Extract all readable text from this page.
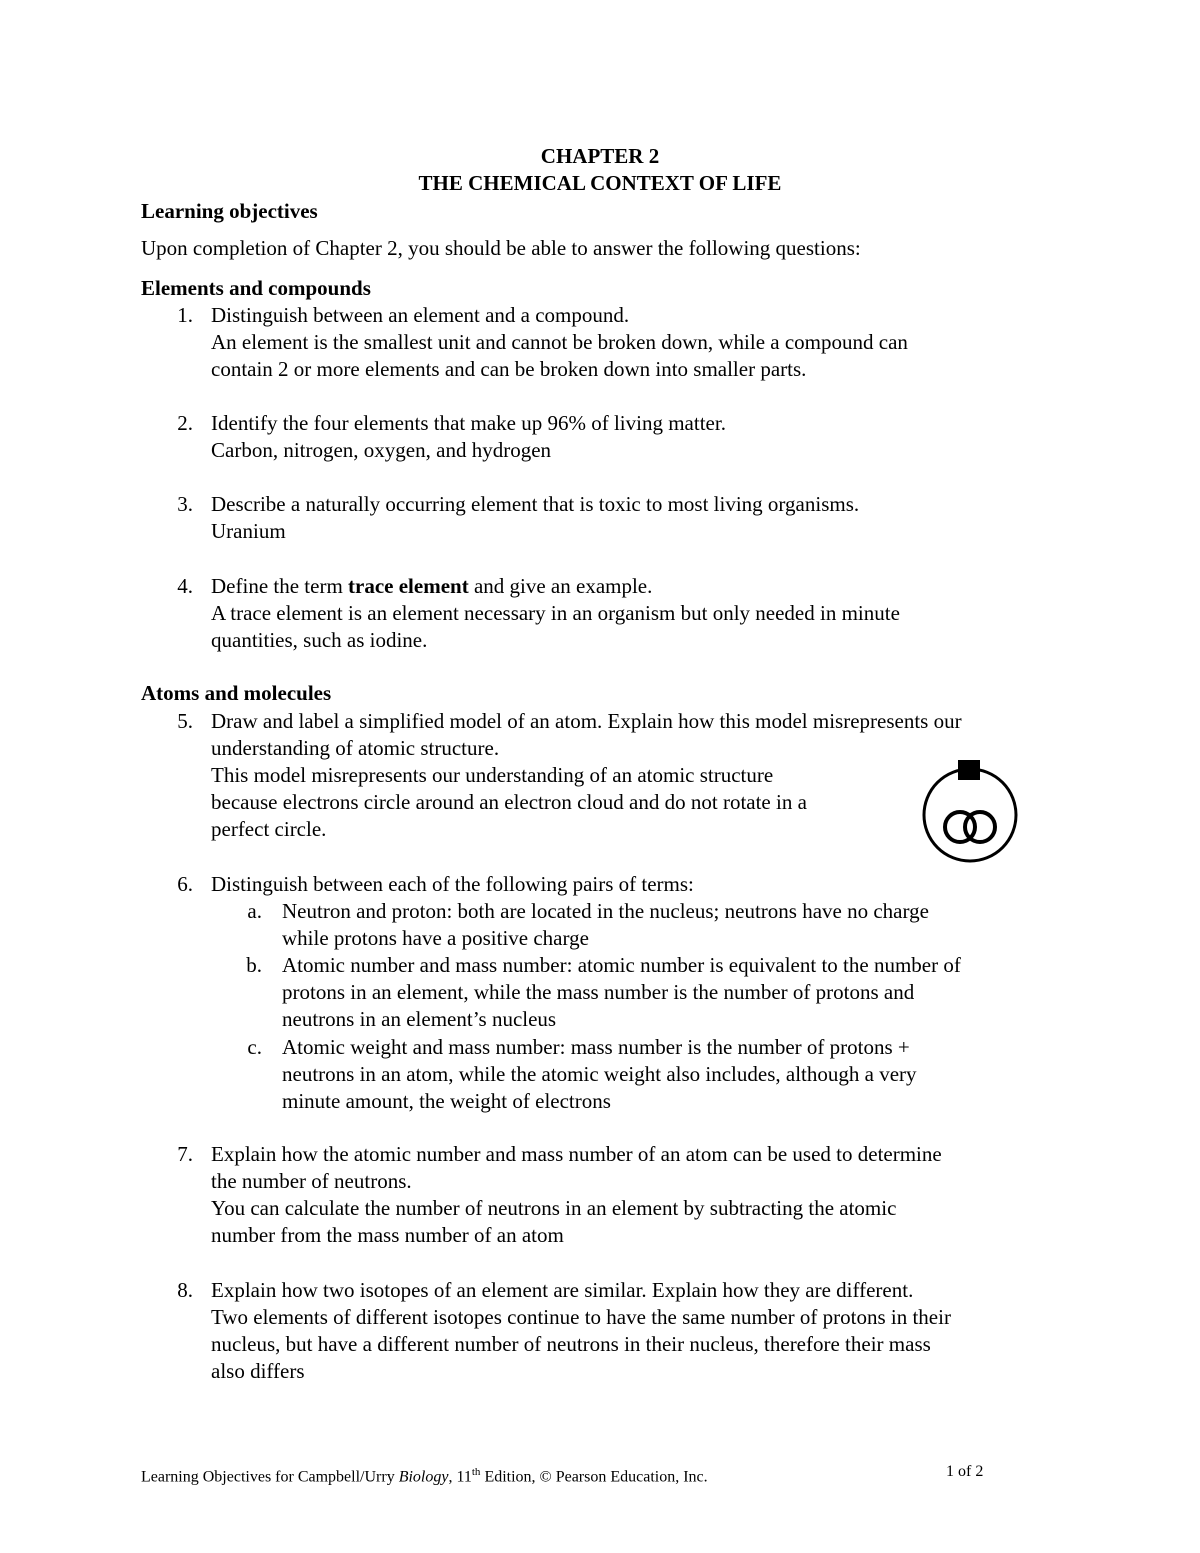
CHAPTER 2
THE CHEMICAL CONTEXT OF LIFE
Learning objectives
Upon completion of Chapter 2, you should be able to answer the following questions:
Elements and compounds
1. Distinguish between an element and a compound.
An element is the smallest unit and cannot be broken down, while a compound can
contain 2 or more elements and can be broken down into smaller parts.
2. Identify the four elements that make up 96% of living matter.
Carbon, nitrogen, oxygen, and hydrogen
3. Describe a naturally occurring element that is toxic to most living organisms.
Uranium
4. Define the term trace element and give an example.
A trace element is an element necessary in an organism but only needed in minute
quantities, such as iodine.
Atoms and molecules
5. Draw and label a simplified model of an atom. Explain how this model misrepresents our
understanding of atomic structure.
This model misrepresents our understanding of an atomic structure
because electrons circle around an electron cloud and do not rotate in a
perfect circle.
6. Distinguish between each of the following pairs of terms:
a. Neutron and proton: both are located in the nucleus; neutrons have no charge
while protons have a positive charge
b. Atomic number and mass number: atomic number is equivalent to the number of
protons in an element, while the mass number is the number of protons and
neutrons in an element’s nucleus
c. Atomic weight and mass number: mass number is the number of protons +
neutrons in an atom, while the atomic weight also includes, although a very
minute amount, the weight of electrons
7. Explain how the atomic number and mass number of an atom can be used to determine
the number of neutrons.
You can calculate the number of neutrons in an element by subtracting the atomic
number from the mass number of an atom
8. Explain how two isotopes of an element are similar. Explain how they are different.
Two elements of different isotopes continue to have the same number of protons in their
nucleus, but have a different number of neutrons in their nucleus, therefore their mass
also differs
Learning Objectives for Campbell/Urry Biology, 11th Edition, © Pearson Education, Inc.	1 of 2
